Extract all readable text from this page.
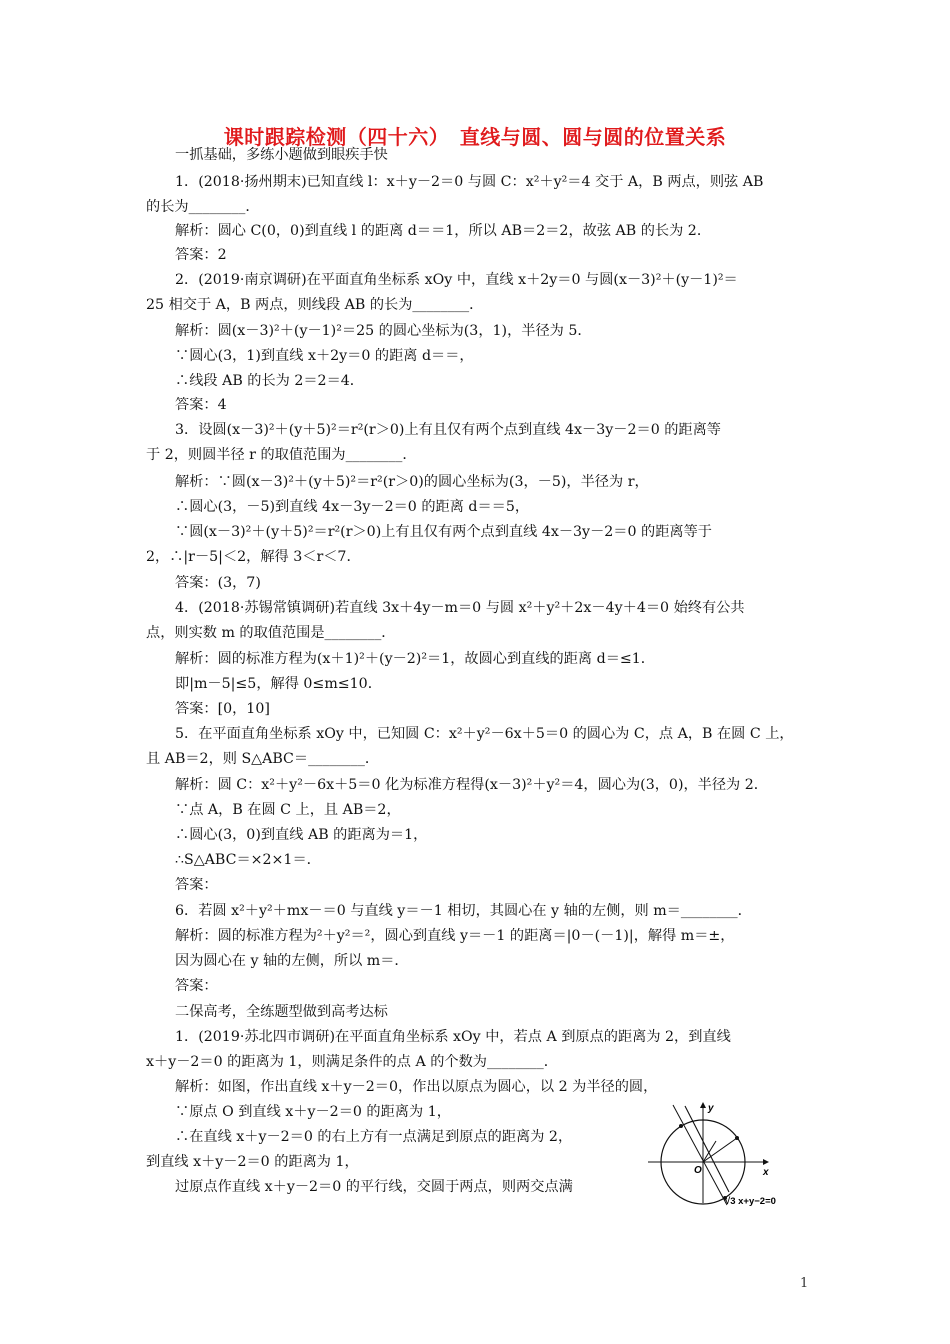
课时跟踪检测（四十六）　直线与圆、圆与圆的位置关系
一抓基础，多练小题做到眼疾手快
1．(2018·扬州期末)已知直线 l：x＋y－2＝0 与圆 C：x²＋y²＝4 交于 A，B 两点，则弦 AB
的长为________．
解析：圆心 C(0，0)到直线 l 的距离 d＝＝1，所以 AB＝2＝2，故弦 AB 的长为 2．
答案：2
2．(2019·南京调研)在平面直角坐标系 xOy 中，直线 x＋2y＝0 与圆(x－3)²＋(y－1)²＝
25 相交于 A，B 两点，则线段 AB 的长为________．
解析：圆(x－3)²＋(y－1)²＝25 的圆心坐标为(3，1)，半径为 5．
∵圆心(3，1)到直线 x＋2y＝0 的距离 d＝＝，
∴线段 AB 的长为 2＝2＝4．
答案：4
3．设圆(x－3)²＋(y＋5)²＝r²(r＞0)上有且仅有两个点到直线 4x－3y－2＝0 的距离等
于 2，则圆半径 r 的取值范围为________．
解析：∵圆(x－3)²＋(y＋5)²＝r²(r＞0)的圆心坐标为(3，－5)，半径为 r，
∴圆心(3，－5)到直线 4x－3y－2＝0 的距离 d＝＝5，
∵圆(x－3)²＋(y＋5)²＝r²(r＞0)上有且仅有两个点到直线 4x－3y－2＝0 的距离等于
2，∴|r－5|＜2，解得 3＜r＜7．
答案：(3，7)
4．(2018·苏锡常镇调研)若直线 3x＋4y－m＝0 与圆 x²＋y²＋2x－4y＋4＝0 始终有公共
点，则实数 m 的取值范围是________．
解析：圆的标准方程为(x＋1)²＋(y－2)²＝1，故圆心到直线的距离 d＝≤1．
即|m－5|≤5，解得 0≤m≤10．
答案：[0，10]
5．在平面直角坐标系 xOy 中，已知圆 C：x²＋y²－6x＋5＝0 的圆心为 C，点 A，B 在圆 C 上，
且 AB＝2，则 S△ABC＝________．
解析：圆 C：x²＋y²－6x＋5＝0 化为标准方程得(x－3)²＋y²＝4，圆心为(3，0)，半径为 2．
∵点 A，B 在圆 C 上，且 AB＝2，
∴圆心(3，0)到直线 AB 的距离为＝1，
∴S△ABC＝×2×1＝．
答案：
6．若圆 x²＋y²＋mx－＝0 与直线 y＝－1 相切，其圆心在 y 轴的左侧，则 m＝________．
解析：圆的标准方程为²＋y²＝²，圆心到直线 y＝－1 的距离＝|0－(－1)|，解得 m＝±，
因为圆心在 y 轴的左侧，所以 m＝．
答案：
二保高考，全练题型做到高考达标
1．(2019·苏北四市调研)在平面直角坐标系 xOy 中，若点 A 到原点的距离为 2，到直线
x＋y－2＝0 的距离为 1，则满足条件的点 A 的个数为________．
解析：如图，作出直线 x＋y－2＝0，作出以原点为圆心，以 2 为半径的圆，
∵原点 O 到直线 x＋y－2＝0 的距离为 1，
∴在直线 x＋y－2＝0 的右上方有一点满足到原点的距离为 2，
到直线 x＋y－2＝0 的距离为 1，
过原点作直线 x＋y－2＝0 的平行线，交圆于两点，则两交点满
y
x
O
√3 x+y−2=0
1
